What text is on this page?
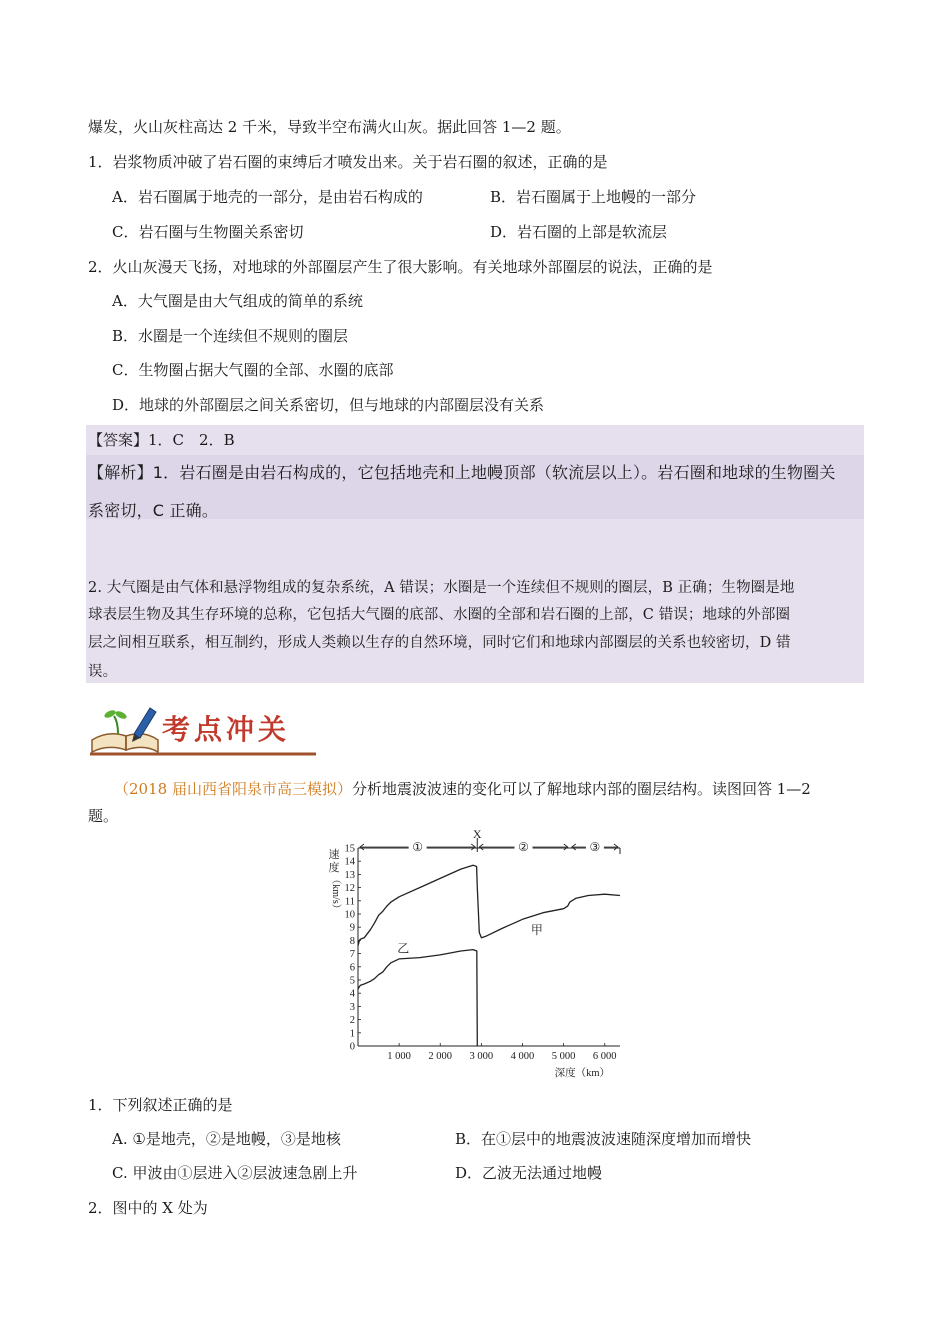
爆发，火山灰柱高达 2 千米，导致半空布满火山灰。据此回答 1—2 题。
1．岩浆物质冲破了岩石圈的束缚后才喷发出来。关于岩石圈的叙述，正确的是
A．岩石圈属于地壳的一部分，是由岩石构成的	B．岩石圈属于上地幔的一部分
C．岩石圈与生物圈关系密切	D．岩石圈的上部是软流层
2．火山灰漫天飞扬，对地球的外部圈层产生了很大影响。有关地球外部圈层的说法，正确的是
A．大气圈是由大气组成的简单的系统
B．水圈是一个连续但不规则的圈层
C．生物圈占据大气圈的全部、水圈的底部
D．地球的外部圈层之间关系密切，但与地球的内部圈层没有关系
【答案】1．C　2．B
【解析】1．岩石圈是由岩石构成的，它包括地壳和上地幔顶部（软流层以上）。岩石圈和地球的生物圈关
系密切，C 正确。
2. 大气圈是由气体和悬浮物组成的复杂系统，A 错误；水圈是一个连续但不规则的圈层，B 正确；生物圈是地
球表层生物及其生存环境的总称，它包括大气圈的底部、水圈的全部和岩石圈的上部，C 错误；地球的外部圈
层之间相互联系，相互制约，形成人类赖以生存的自然环境，同时它们和地球内部圈层的关系也较密切，D 错
误。
考点冲关
（2018 届山西省阳泉市高三模拟）分析地震波波速的变化可以了解地球内部的圈层结构。读图回答 1—2
题。
0
1
2
3
4
5
6
7
8
9
10
11
12
13
14
15
1 000 2 000 3 000 4 000 5 000 6 000
①	②	③
X
速
度
（km/s）
深度（km）
甲
乙
1．下列叙述正确的是
A. ①是地壳，②是地幔，③是地核	B．在①层中的地震波波速随深度增加而增快
C. 甲波由①层进入②层波速急剧上升	D．乙波无法通过地幔
2．图中的 X 处为
